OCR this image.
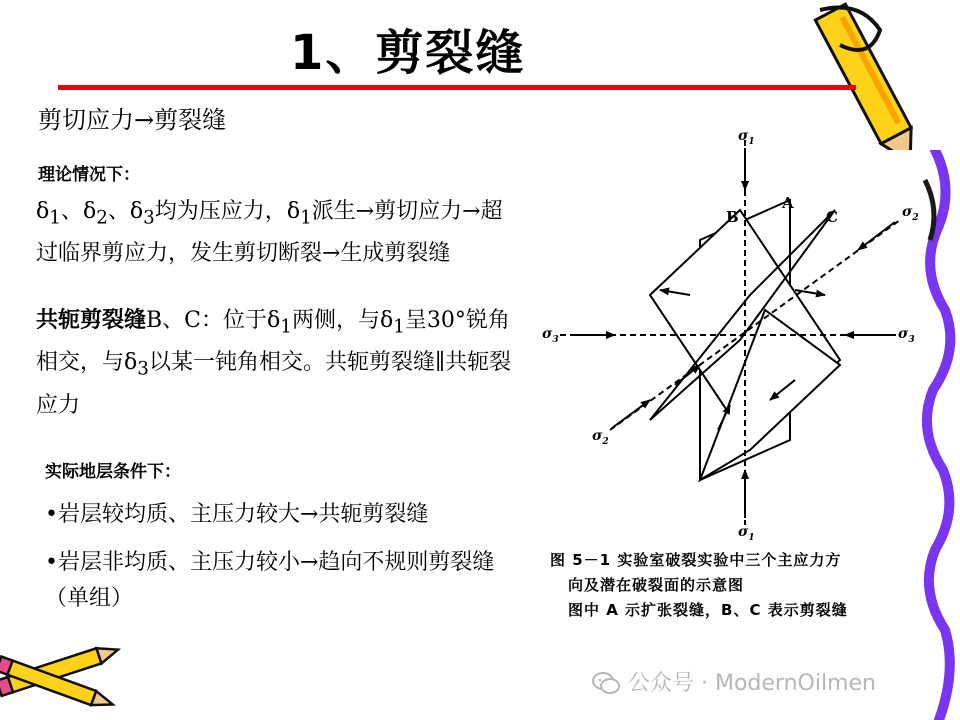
1、剪裂缝
剪切应力→剪裂缝
理论情况下：
$\delta_1$、$\delta_2$、$\delta_3$均为压应力，$\delta_1$派生→剪切应力→超过临界剪应力，发生剪切断裂→生成剪裂缝
共轭剪裂缝B、C：位于$\delta_1$两侧，与$\delta_1$呈30°锐角相交，与$\delta_3$以某一钝角相交。共轭剪裂缝∥共轭裂应力
实际地层条件下：
•岩层较均质、主压力较大→共轭剪裂缝
•岩层非均质、主压力较小→趋向不规则剪裂缝（单组）
$\sigma_1$
$\sigma_1$
$\sigma_3$	$\sigma_3$
$\sigma_2$
$\sigma_2$
B
A
C
图 5－1 实验室破裂实验中三个主应力方
向及潜在破裂面的示意图
图中 A 示扩张裂缝，B、C 表示剪裂缝
公众号 · ModernOilmen
